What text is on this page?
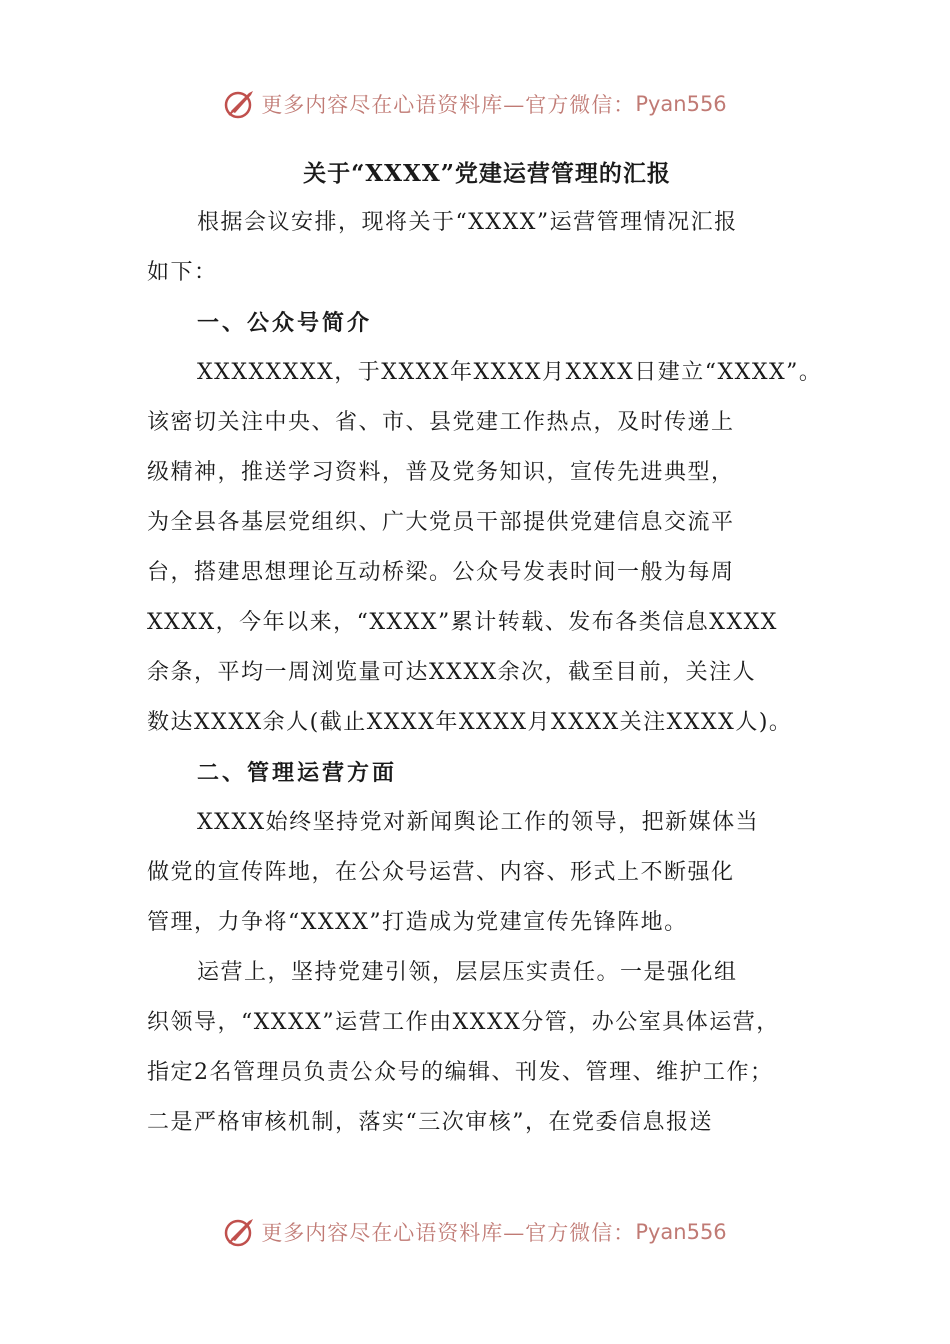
更多内容尽在心语资料库—官方微信： Pyan556
关于“XXXX”党建运营管理的汇报
根据会议安排，现将关于“XXXX”运营管理情况汇报
如下：
一、公众号简介
XXXXXXXX，于XXXX年XXXX月XXXX日建立“XXXX”。
该密切关注中央、省、市、县党建工作热点，及时传递上
级精神，推送学习资料，普及党务知识，宣传先进典型，
为全县各基层党组织、广大党员干部提供党建信息交流平
台，搭建思想理论互动桥梁。公众号发表时间一般为每周
XXXX，今年以来，“XXXX”累计转载、发布各类信息XXXX
余条，平均一周浏览量可达XXXX余次，截至目前，关注人
数达XXXX余人(截止XXXX年XXXX月XXXX关注XXXX人)。
二、管理运营方面
XXXX始终坚持党对新闻舆论工作的领导，把新媒体当
做党的宣传阵地，在公众号运营、内容、形式上不断强化
管理，力争将“XXXX”打造成为党建宣传先锋阵地。
运营上，坚持党建引领，层层压实责任。一是强化组
织领导，“XXXX”运营工作由XXXX分管，办公室具体运营，
指定2名管理员负责公众号的编辑、刊发、管理、维护工作；
二是严格审核机制，落实“三次审核”，在党委信息报送
更多内容尽在心语资料库—官方微信： Pyan556
